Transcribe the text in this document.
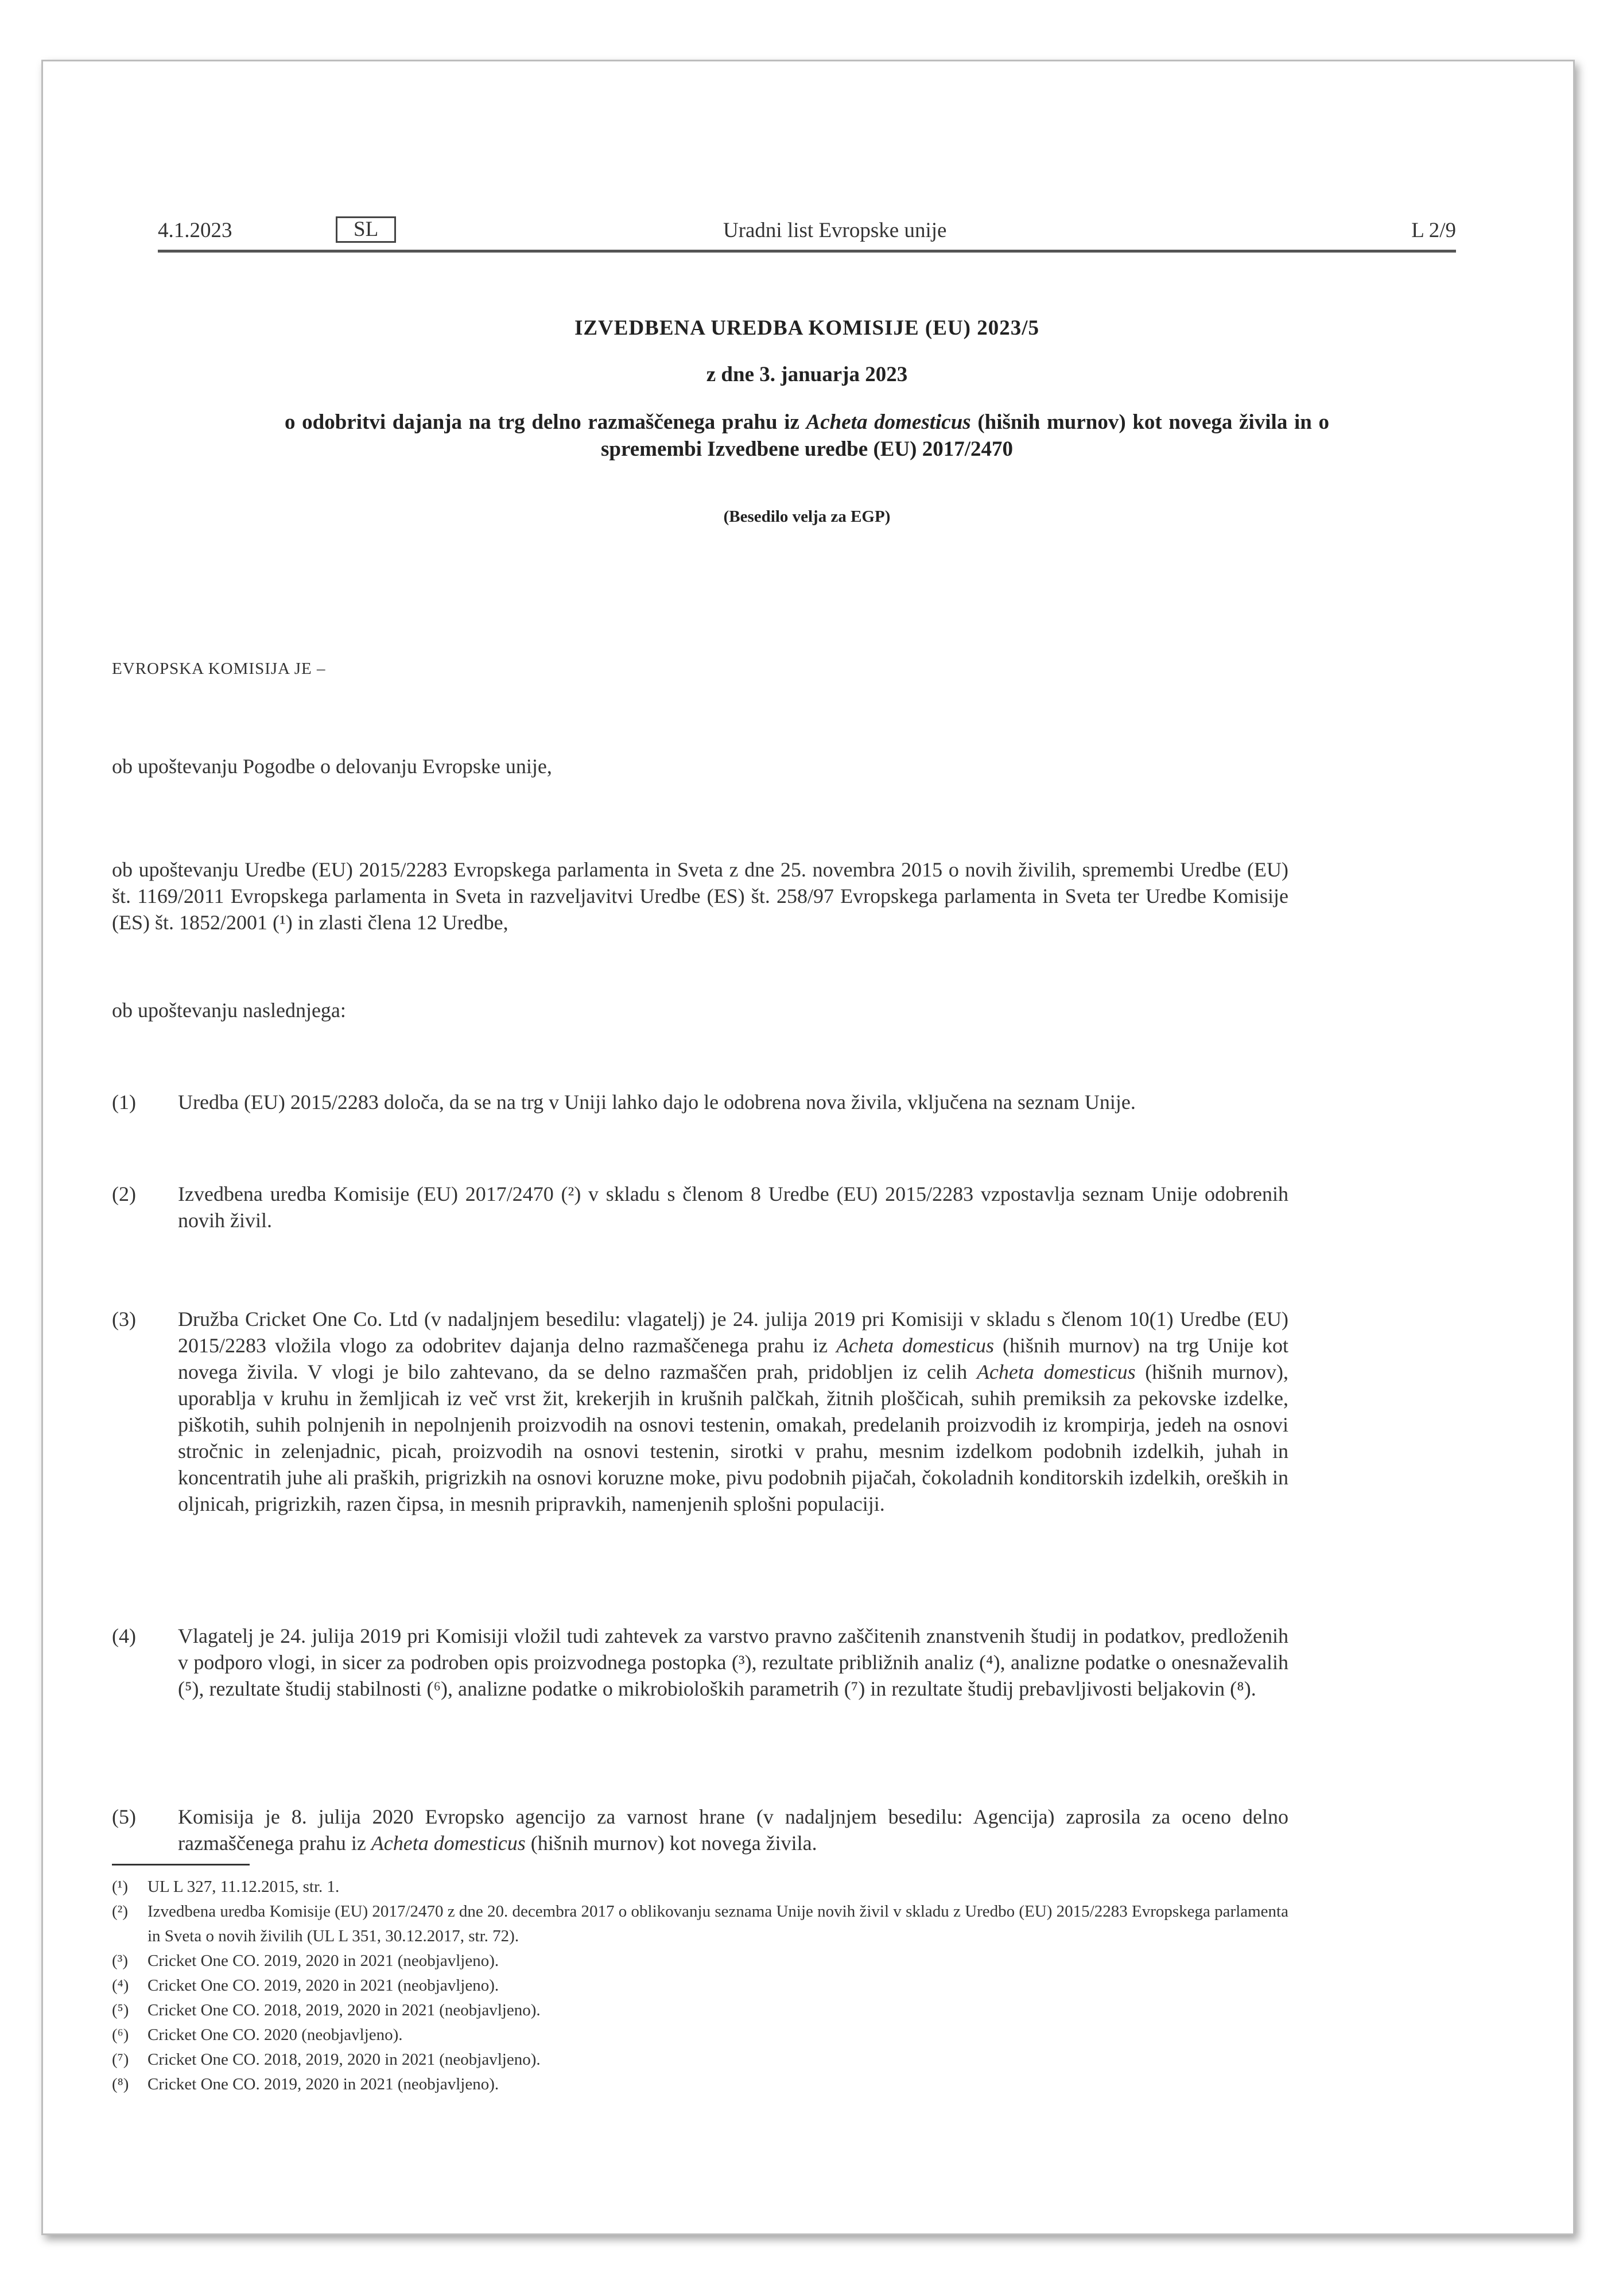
4.1.2023	SL	Uradni list Evropske unije	L 2/9
IZVEDBENA UREDBA KOMISIJE (EU) 2023/5
z dne 3. januarja 2023
o odobritvi dajanja na trg delno razmaščenega prahu iz Acheta domesticus (hišnih murnov) kot novega živila in o spremembi Izvedbene uredbe (EU) 2017/2470
(Besedilo velja za EGP)
EVROPSKA KOMISIJA JE –
ob upoštevanju Pogodbe o delovanju Evropske unije,
ob upoštevanju Uredbe (EU) 2015/2283 Evropskega parlamenta in Sveta z dne 25. novembra 2015 o novih živilih, spremembi Uredbe (EU) št. 1169/2011 Evropskega parlamenta in Sveta in razveljavitvi Uredbe (ES) št. 258/97 Evropskega parlamenta in Sveta ter Uredbe Komisije (ES) št. 1852/2001 (¹) in zlasti člena 12 Uredbe,
ob upoštevanju naslednjega:
(1)	Uredba (EU) 2015/2283 določa, da se na trg v Uniji lahko dajo le odobrena nova živila, vključena na seznam Unije.
(2)	Izvedbena uredba Komisije (EU) 2017/2470 (²) v skladu s členom 8 Uredbe (EU) 2015/2283 vzpostavlja seznam Unije odobrenih novih živil.
(3)	Družba Cricket One Co. Ltd (v nadaljnjem besedilu: vlagatelj) je 24. julija 2019 pri Komisiji v skladu s členom 10(1) Uredbe (EU) 2015/2283 vložila vlogo za odobritev dajanja delno razmaščenega prahu iz Acheta domesticus (hišnih murnov) na trg Unije kot novega živila. V vlogi je bilo zahtevano, da se delno razmaščen prah, pridobljen iz celih Acheta domesticus (hišnih murnov), uporablja v kruhu in žemljicah iz več vrst žit, krekerjih in krušnih palčkah, žitnih ploščicah, suhih premiksih za pekovske izdelke, piškotih, suhih polnjenih in nepolnjenih proizvodih na osnovi testenin, omakah, predelanih proizvodih iz krompirja, jedeh na osnovi stročnic in zelenjadnic, picah, proizvodih na osnovi testenin, sirotki v prahu, mesnim izdelkom podobnih izdelkih, juhah in koncentratih juhe ali praških, prigrizkih na osnovi koruzne moke, pivu podobnih pijačah, čokoladnih konditorskih izdelkih, oreških in oljnicah, prigrizkih, razen čipsa, in mesnih pripravkih, namenjenih splošni populaciji.
(4)	Vlagatelj je 24. julija 2019 pri Komisiji vložil tudi zahtevek za varstvo pravno zaščitenih znanstvenih študij in podatkov, predloženih v podporo vlogi, in sicer za podroben opis proizvodnega postopka (³), rezultate približnih analiz (⁴), analizne podatke o onesnaževalih (⁵), rezultate študij stabilnosti (⁶), analizne podatke o mikrobioloških parametrih (⁷) in rezultate študij prebavljivosti beljakovin (⁸).
(5)	Komisija je 8. julija 2020 Evropsko agencijo za varnost hrane (v nadaljnjem besedilu: Agencija) zaprosila za oceno delno razmaščenega prahu iz Acheta domesticus (hišnih murnov) kot novega živila.
(¹)	UL L 327, 11.12.2015, str. 1.
(²)	Izvedbena uredba Komisije (EU) 2017/2470 z dne 20. decembra 2017 o oblikovanju seznama Unije novih živil v skladu z Uredbo (EU) 2015/2283 Evropskega parlamenta in Sveta o novih živilih (UL L 351, 30.12.2017, str. 72).
(³)	Cricket One CO. 2019, 2020 in 2021 (neobjavljeno).
(⁴)	Cricket One CO. 2019, 2020 in 2021 (neobjavljeno).
(⁵)	Cricket One CO. 2018, 2019, 2020 in 2021 (neobjavljeno).
(⁶)	Cricket One CO. 2020 (neobjavljeno).
(⁷)	Cricket One CO. 2018, 2019, 2020 in 2021 (neobjavljeno).
(⁸)	Cricket One CO. 2019, 2020 in 2021 (neobjavljeno).
